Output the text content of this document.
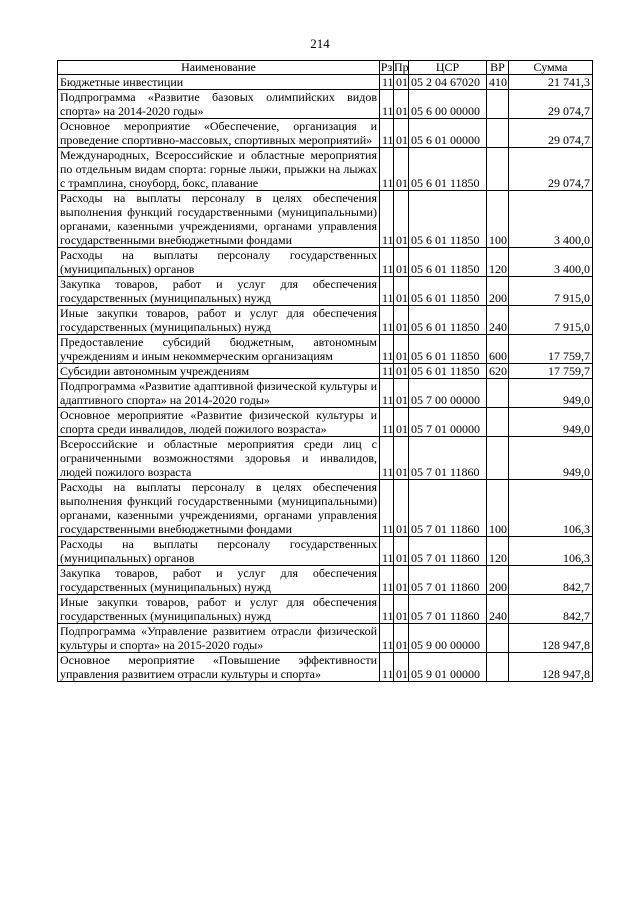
214
Наименование	Рз	Пр	ЦСР	ВР	Сумма
Бюджетные инвестиции	11	01	05 2 04 67020	410	21 741,3
Подпрограмма «Развитие базовых олимпийских видов спорта» на 2014-2020 годы»	11	01	05 6 00 00000		29 074,7
Основное мероприятие «Обеспечение, организация и проведение спортивно-массовых, спортивных мероприятий»	11	01	05 6 01 00000		29 074,7
Международных, Всероссийские и областные мероприятия по отдельным видам спорта: горные лыжи, прыжки на лыжах с трамплина, сноуборд, бокс, плавание	11	01	05 6 01 11850		29 074,7
Расходы на выплаты персоналу в целях обеспечения выполнения функций государственными (муниципальными) органами, казенными учреждениями, органами управления государственными внебюджетными фондами	11	01	05 6 01 11850	100	3 400,0
Расходы на выплаты персоналу государственных (муниципальных) органов	11	01	05 6 01 11850	120	3 400,0
Закупка товаров, работ и услуг для обеспечения государственных (муниципальных) нужд	11	01	05 6 01 11850	200	7 915,0
Иные закупки товаров, работ и услуг для обеспечения государственных (муниципальных) нужд	11	01	05 6 01 11850	240	7 915,0
Предоставление субсидий бюджетным, автономным учреждениям и иным некоммерческим организациям	11	01	05 6 01 11850	600	17 759,7
Субсидии автономным учреждениям	11	01	05 6 01 11850	620	17 759,7
Подпрограмма «Развитие адаптивной физической культуры и адаптивного спорта» на 2014-2020 годы»	11	01	05 7 00 00000		949,0
Основное мероприятие «Развитие физической культуры и спорта среди инвалидов, людей пожилого возраста»	11	01	05 7 01 00000		949,0
Всероссийские и областные мероприятия среди лиц с ограниченными возможностями здоровья и инвалидов, людей пожилого возраста	11	01	05 7 01 11860		949,0
Расходы на выплаты персоналу в целях обеспечения выполнения функций государственными (муниципальными) органами, казенными учреждениями, органами управления государственными внебюджетными фондами	11	01	05 7 01 11860	100	106,3
Расходы на выплаты персоналу государственных (муниципальных) органов	11	01	05 7 01 11860	120	106,3
Закупка товаров, работ и услуг для обеспечения государственных (муниципальных) нужд	11	01	05 7 01 11860	200	842,7
Иные закупки товаров, работ и услуг для обеспечения государственных (муниципальных) нужд	11	01	05 7 01 11860	240	842,7
Подпрограмма «Управление развитием отрасли физической культуры и спорта» на 2015-2020 годы»	11	01	05 9 00 00000		128 947,8
Основное мероприятие «Повышение эффективности управления развитием отрасли культуры и спорта»	11	01	05 9 01 00000		128 947,8
